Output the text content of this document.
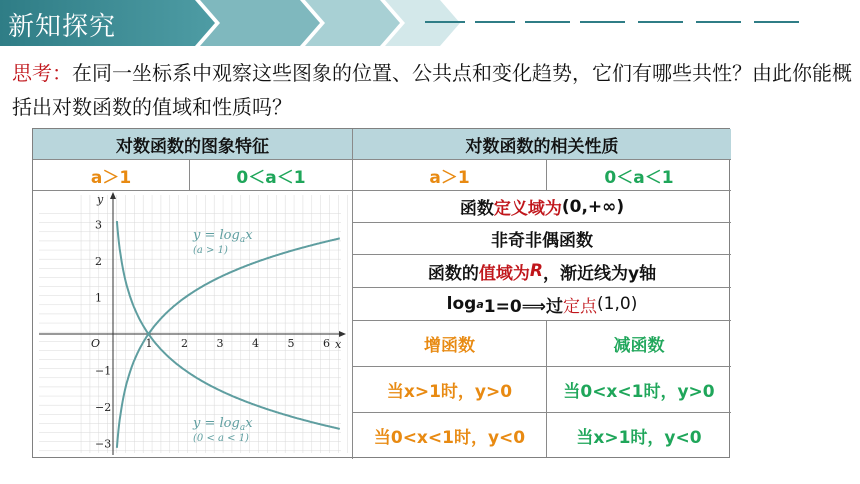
新知探究
思考：在同一坐标系中观察这些图象的位置、公共点和变化趋势，它们有哪些共性？由此你能概括出对数函数的值域和性质吗？
对数函数的图象特征	对数函数的相关性质
a＞1	0＜a＜1	a＞1	0＜a＜1
1	2	3	4	5	6
−3
−2
−1
1
2
3
O	x
y
$y = \log_ax$
(a > 1)
$y = \log_ax$
(0 < a < 1)
函数 定义域为 (0,+∞)
非奇非偶函数
函数的 值域为 R ，渐近线为y轴
log a 1=0⟹过 定点 (1,0)
增函数	减函数
当x>1时，y>0	当0<x<1时，y>0
当0<x<1时，y<0	当x>1时，y<0
